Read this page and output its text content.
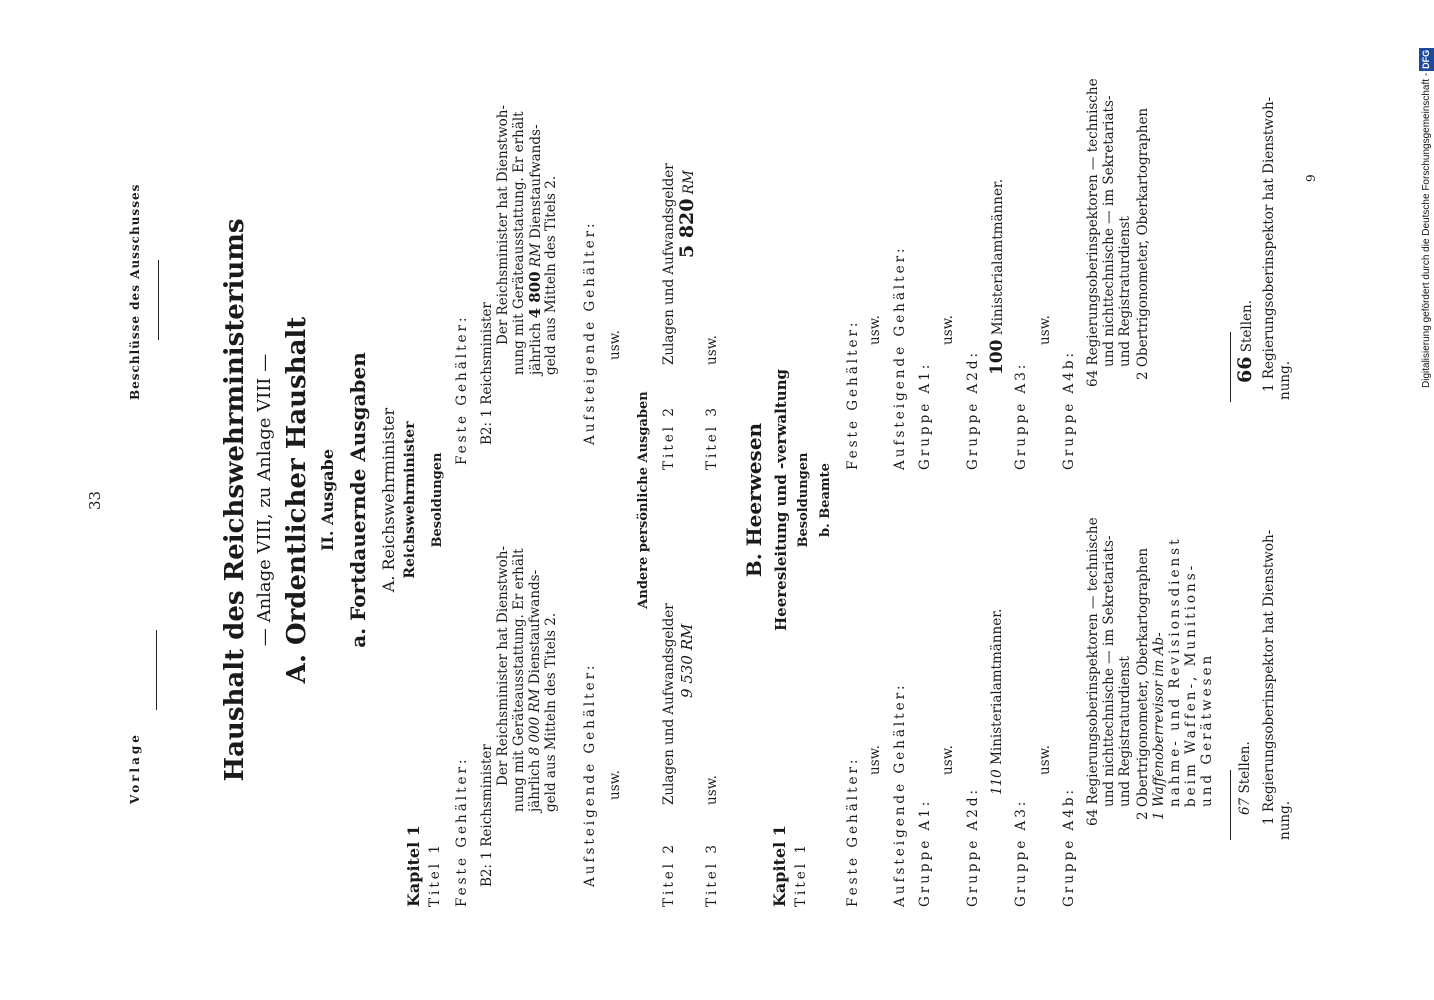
Vorlage
33
Beschlüsse des Ausschusses	Haushalt des Reichswehrministeriums — Anlage VIII, zu Anlage VIII — A. Ordentlicher Haushalt II. Ausgabe a. Fortdauernde Ausgaben A. Reichswehrminister Reichswehrminister Besoldungen	Andere persönliche Ausgaben	B. Heerwesen Heeresleitung und -verwaltung Besoldungen b. Beamte
Kapitel 1 Titel 1 Feste Gehälter: B2: 1 Reichsminister
Der Reichsminister hat Dienstwoh- nung mit Geräteausstattung. Er erhält jährlich 8 000 RM Dienstaufwands- geld aus Mitteln des Titels 2. Aufsteigende Gehälter: usw.
Titel 2
Zulagen und Aufwandsgelder 9 530 RM
Titel 3
usw.
Kapitel 1 Titel 1	Feste Gehälter: usw. Aufsteigende Gehälter: Gruppe A1:
usw.
Gruppe A2d:
110 Ministerialamtmänner.
Gruppe A3:
usw.
Gruppe A4b:
64 Regierungsoberinspektoren — technische und nichttechnische — im Sekretariats- und Registraturdienst 2 Obertrigonometer, Oberkartographen 1 Waffenoberrevisor im Ab- nahme- und Revisionsdienst beim Waffen-, Munitions- und Gerätwesen 67 Stellen. 1 Regierungsoberinspektor hat Dienstwoh- nung.
Feste Gehälter: B2: 1 Reichsminister
Der Reichsminister hat Dienstwoh- nung mit Geräteausstattung. Er erhält jährlich 4 800 RM Dienstaufwands- geld aus Mitteln des Titels 2. Aufsteigende Gehälter: usw.
Titel 2
Zulagen und Aufwandsgelder 5 820 RM
Titel 3
usw.	Feste Gehälter: usw. Aufsteigende Gehälter: Gruppe A1:
usw.
Gruppe A2d: 100 Ministerialamtmänner.
Gruppe A3:
usw.
Gruppe A4b:
64 Regierungsoberinspektoren — technische und nichttechnische — im Sekretariats- und Registraturdienst 2 Obertrigonometer, Oberkartographen	66 Stellen. 1 Regierungsoberinspektor hat Dienstwoh- nung.
9	Digitalisierung gefördert durch die Deutsche Forschungsgemeinschaft -DFG
